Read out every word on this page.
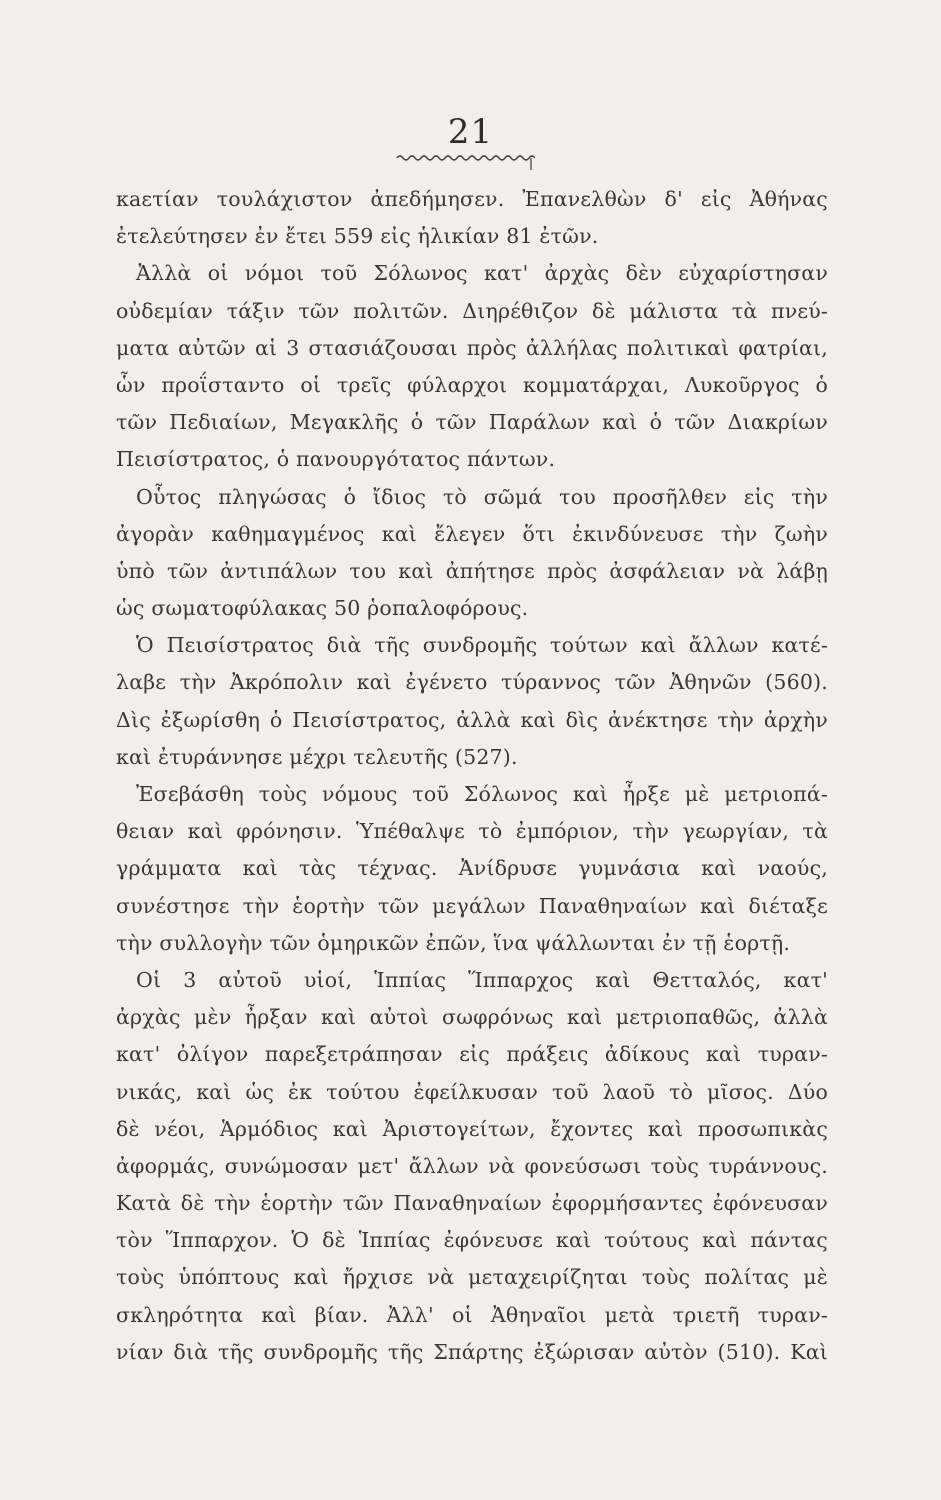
21
κaετίαν τουλάχιστον ἀπεδήμησεν. Ἐπανελθὼν δ' εἰς Ἀθήνας
ἐτελεύτησεν ἐν ἔτει 559 εἰς ἡλικίαν 81 ἐτῶν.
Ἀλλὰ οἱ νόμοι τοῦ Σόλωνος κατ' ἀρχὰς δὲν εὐχαρίστησαν
οὐδεμίαν τάξιν τῶν πολιτῶν. Διηρέθιζον δὲ μάλιστα τὰ πνεύ-
ματα αὐτῶν αἱ 3 στασιάζουσαι πρὸς ἀλλήλας πολιτικαὶ φατρίαι,
ὧν προΐσταντο οἱ τρεῖς φύλαρχοι κομματάρχαι, Λυκοῦργος ὁ
τῶν Πεδιαίων, Μεγακλῆς ὁ τῶν Παράλων καὶ ὁ τῶν Διακρίων
Πεισίστρατος, ὁ πανουργότατος πάντων.
Οὗτος πληγώσας ὁ ἴδιος τὸ σῶμά του προσῆλθεν εἰς τὴν
ἀγορὰν καθημαγμένος καὶ ἔλεγεν ὅτι ἐκινδύνευσε τὴν ζωὴν
ὑπὸ τῶν ἀντιπάλων του καὶ ἀπήτησε πρὸς ἀσφάλειαν νὰ λάβῃ
ὡς σωματοφύλακας 50 ῥοπαλοφόρους.
Ὁ Πεισίστρατος διὰ τῆς συνδρομῆς τούτων καὶ ἄλλων κατέ-
λαβε τὴν Ἀκρόπολιν καὶ ἐγένετο τύραννος τῶν Ἀθηνῶν (560).
Δὶς ἐξωρίσθη ὁ Πεισίστρατος, ἀλλὰ καὶ δὶς ἀνέκτησε τὴν ἀρχὴν
καὶ ἐτυράννησε μέχρι τελευτῆς (527).
Ἐσεβάσθη τοὺς νόμους τοῦ Σόλωνος καὶ ἦρξε μὲ μετριοπά-
θειαν καὶ φρόνησιν. Ὑπέθαλψε τὸ ἐμπόριον, τὴν γεωργίαν, τὰ
γράμματα καὶ τὰς τέχνας. Ἀνίδρυσε γυμνάσια καὶ ναούς,
συνέστησε τὴν ἑορτὴν τῶν μεγάλων Παναθηναίων καὶ διέταξε
τὴν συλλογὴν τῶν ὁμηρικῶν ἐπῶν, ἵνα ψάλλωνται ἐν τῇ ἑορτῇ.
Οἱ 3 αὐτοῦ υἱοί, Ἱππίας Ἵππαρχος καὶ Θετταλός, κατ'
ἀρχὰς μὲν ἦρξαν καὶ αὐτοὶ σωφρόνως καὶ μετριοπαθῶς, ἀλλὰ
κατ' ὀλίγον παρεξετράπησαν εἰς πράξεις ἀδίκους καὶ τυραν-
νικάς, καὶ ὡς ἐκ τούτου ἐφείλκυσαν τοῦ λαοῦ τὸ μῖσος. Δύο
δὲ νέοι, Ἁρμόδιος καὶ Ἀριστογείτων, ἔχοντες καὶ προσωπικὰς
ἀφορμάς, συνώμοσαν μετ' ἄλλων νὰ φονεύσωσι τοὺς τυράννους.
Κατὰ δὲ τὴν ἑορτὴν τῶν Παναθηναίων ἐφορμήσαντες ἐφόνευσαν
τὸν Ἵππαρχον. Ὁ δὲ Ἱππίας ἐφόνευσε καὶ τούτους καὶ πάντας
τοὺς ὑπόπτους καὶ ἤρχισε νὰ μεταχειρίζηται τοὺς πολίτας μὲ
σκληρότητα καὶ βίαν. Ἀλλ' οἱ Ἀθηναῖοι μετὰ τριετῆ τυραν-
νίαν διὰ τῆς συνδρομῆς τῆς Σπάρτης ἐξώρισαν αὐτὸν (510). Καὶ
